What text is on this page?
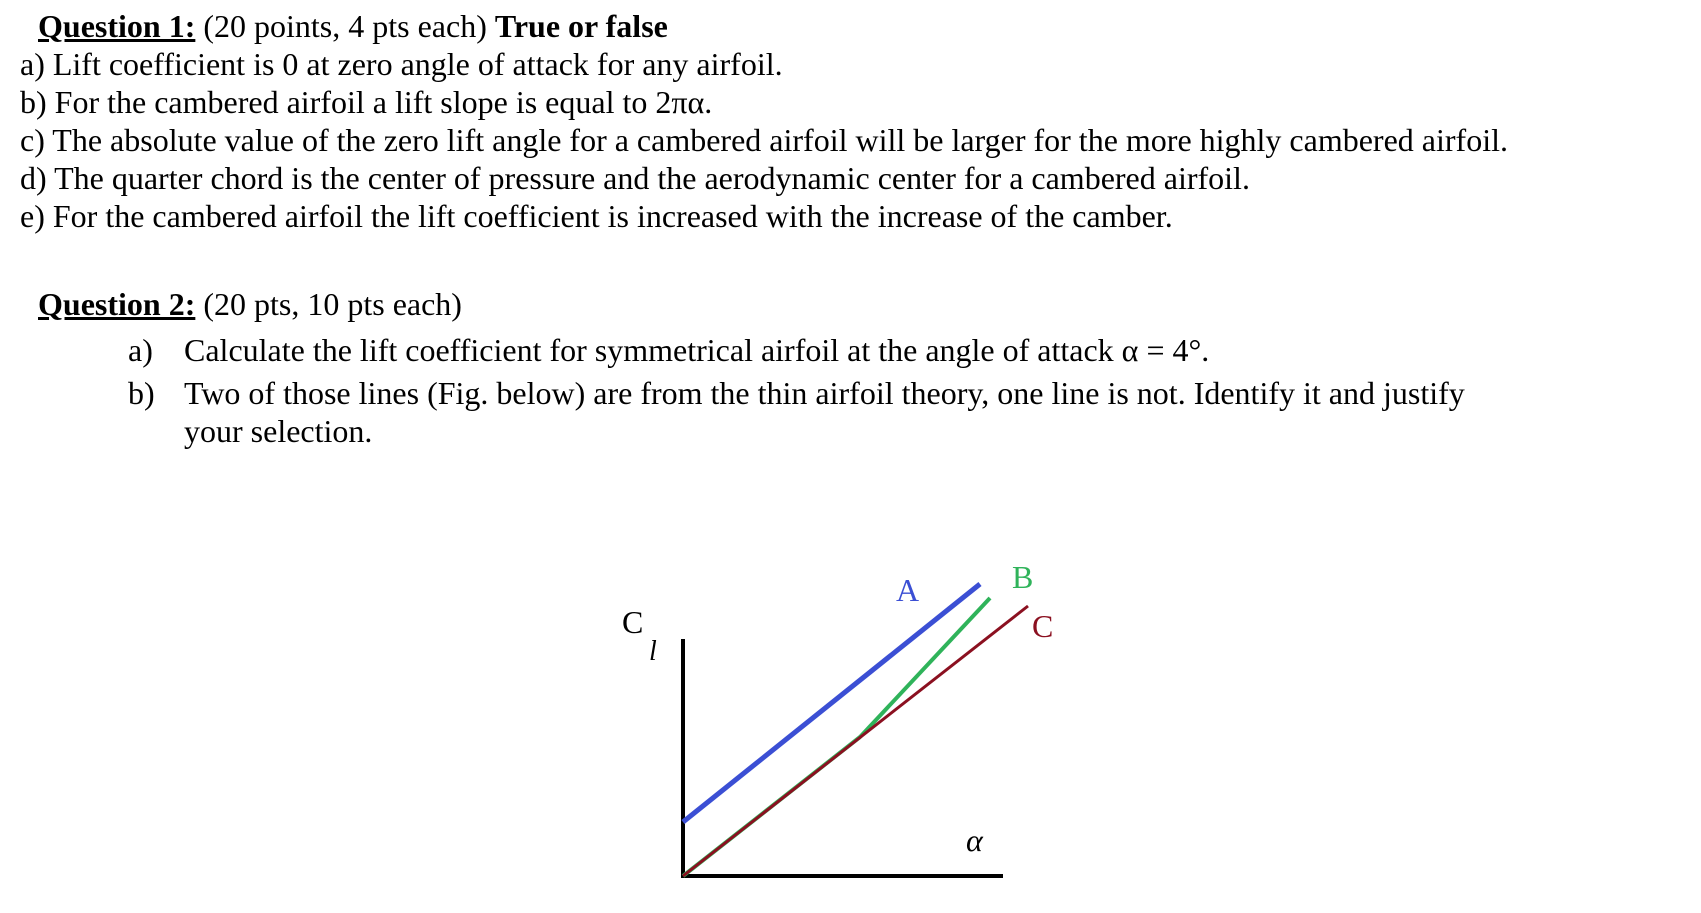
Question 1: (20 points, 4 pts each) True or false
a) Lift coefficient is 0 at zero angle of attack for any airfoil.
b) For the cambered airfoil a lift slope is equal to 2πα.
c) The absolute value of the zero lift angle for a cambered airfoil will be larger for the more highly cambered airfoil.
d) The quarter chord is the center of pressure and the aerodynamic center for a cambered airfoil.
e) For the cambered airfoil the lift coefficient is increased with the increase of the camber.
Question 2: (20 pts, 10 pts each)
a) Calculate the lift coefficient for symmetrical airfoil at the angle of attack α = 4°.
b) Two of those lines (Fig. below) are from the thin airfoil theory, one line is not. Identify it and justify
your selection.
C
l
α
A	B
C
